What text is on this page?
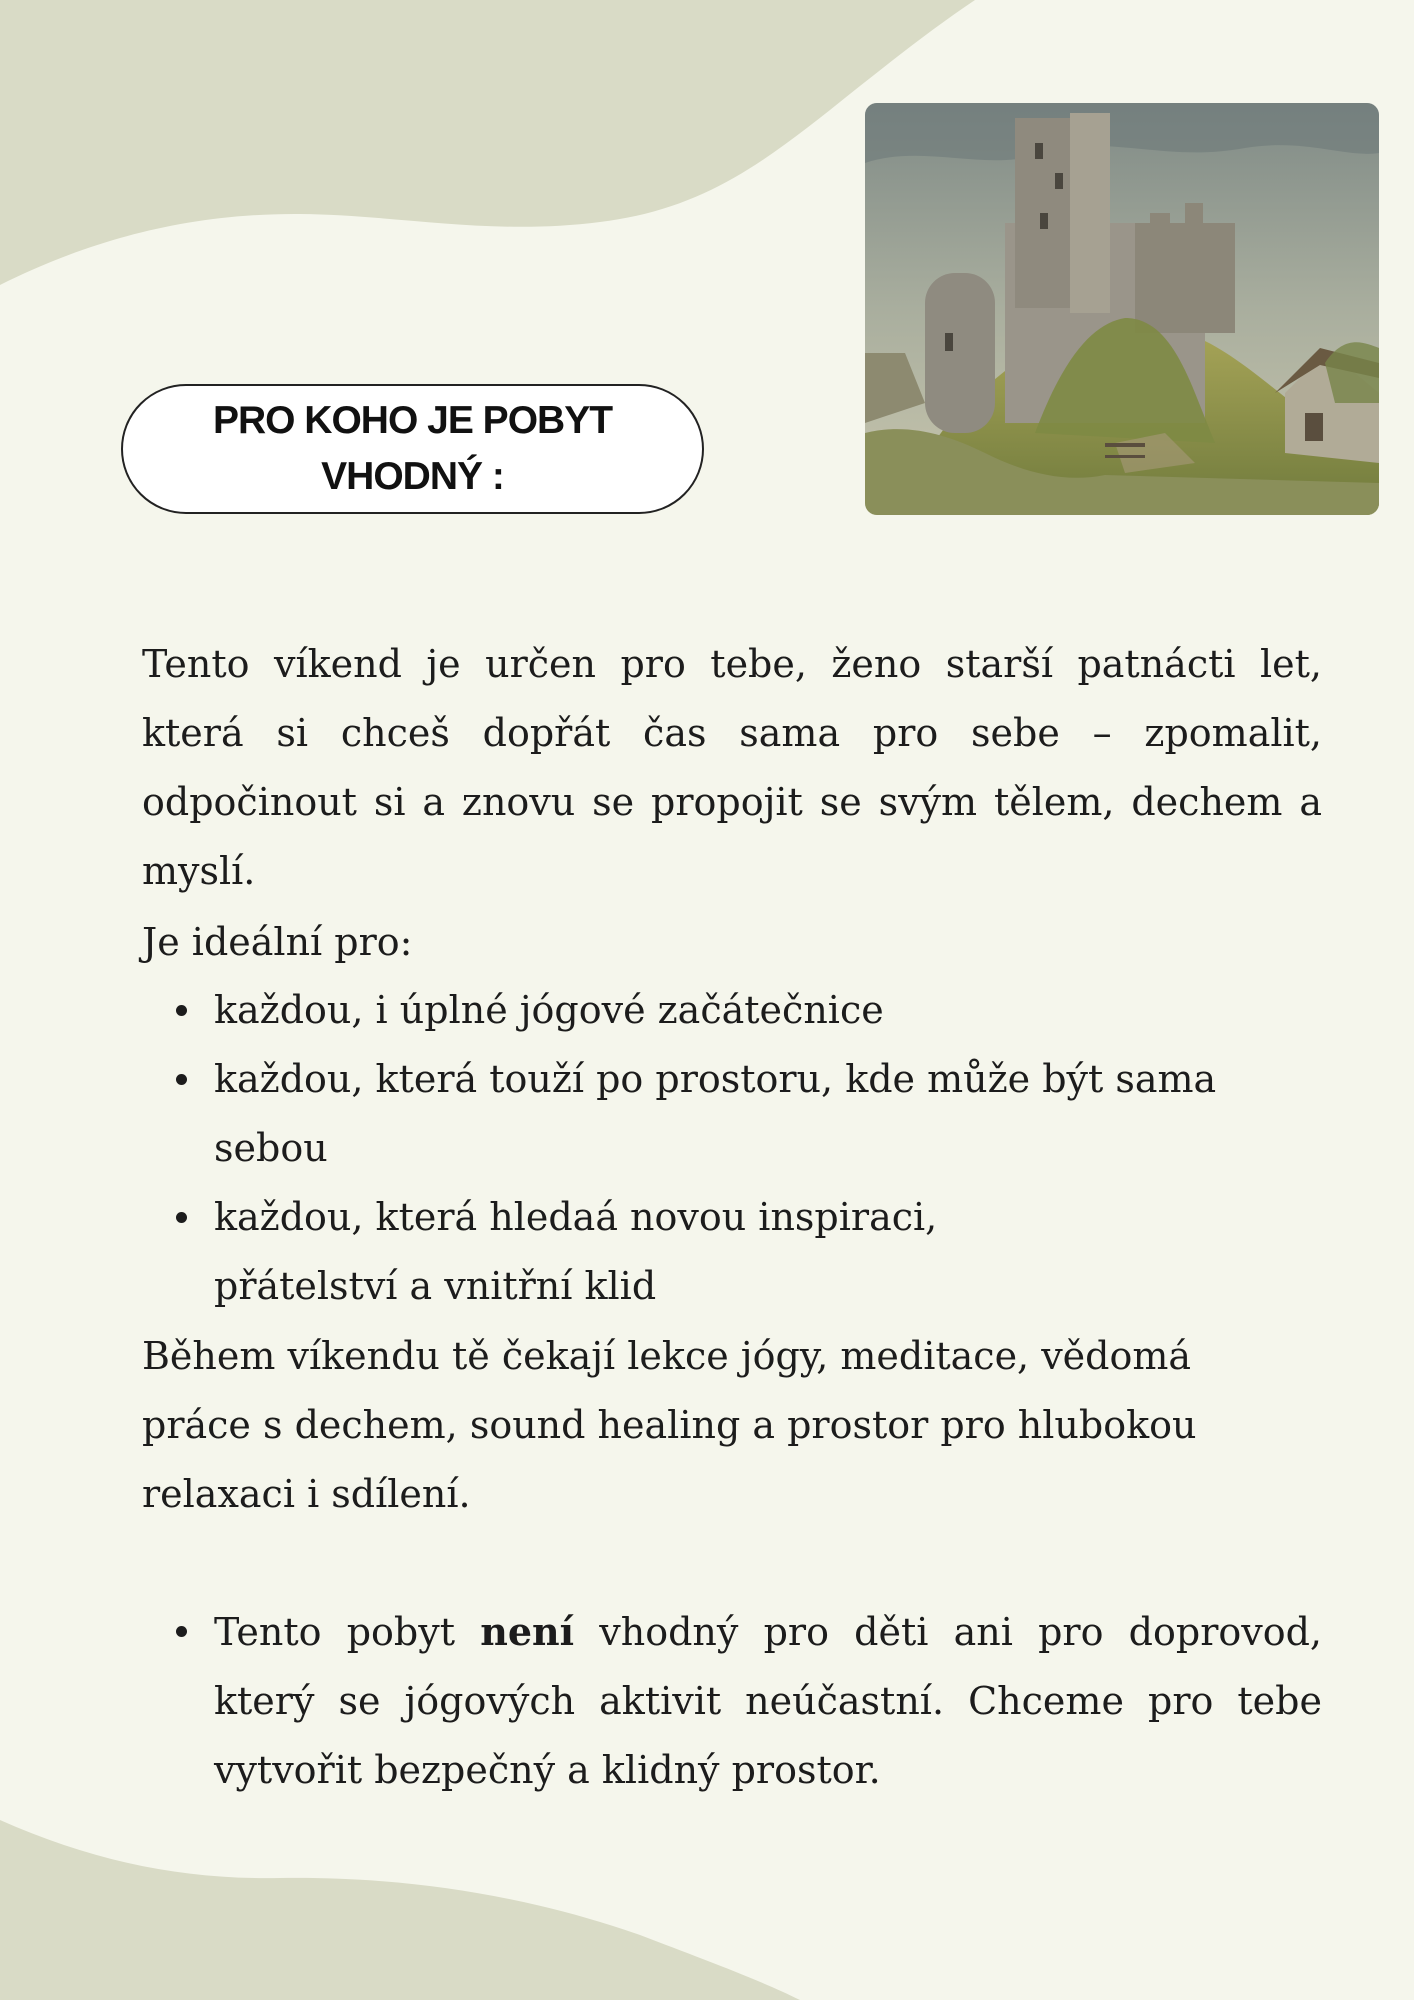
PRO KOHO JE POBYT VHODNÝ :
Tento víkend je určen pro tebe, ženo starší patnácti let, která si chceš dopřát čas sama pro sebe – zpomalit, odpočinout si a znovu se propojit se svým tělem, dechem a myslí.
Je ideální pro:
každou, i úplné jógové začátečnice
každou, která touží po prostoru, kde může být sama sebou
každou, která hledaá novou inspiraci, přátelství a vnitřní klid
Během víkendu tě čekají lekce jógy, meditace, vědomá práce s dechem, sound healing a prostor pro hlubokou relaxaci i sdílení.
Tento pobyt není vhodný pro děti ani pro doprovod, který se jógových aktivit neúčastní. Chceme pro tebe vytvořit bezpečný a klidný prostor.
